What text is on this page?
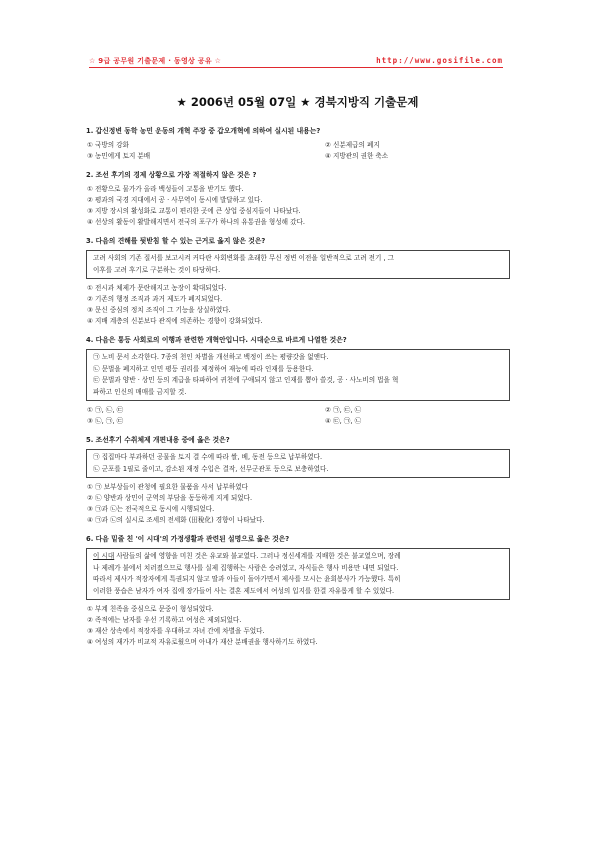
☆ 9급 공무원 기출문제 · 동영상 공유 ☆	http://www.gosifile.com
★ 2006년 05월 07일 ★ 경북지방직 기출문제
1. 갑신정변 동학 농민 운동의 개혁 주장 중 갑오개혁에 의하여 실시된 내용는?
① 국방의 강화	② 신분제급의 폐지
③ 농민에게 토지 분배	④ 지방관의 권한 축소
2. 조선 후기의 경제 상황으로 가장 적절하지 않은 것은 ?
① 전황으로 물가가 올라 백성들이 고통을 받기도 했다.
② 평과의 국경 지대에서 공 · 사무역이 동시에 발달하고 있다.
③ 지방 장시의 활성화로 교통이 편리한 곳에 큰 상업 중심지들이 나타났다.
④ 선상의 활동이 활발해지면서 전국의 포구가 하나의 유통권을 형성해 갔다.
3. 다음의 견해를 뒷받침 할 수 있는 근거로 옳지 않은 것은?
고려 사회의 기존 질서를 보고시켜 커다란 사회변화를 초래한 무신 정변 이전을 일반적으로 고려 전기 , 그
이후를 고려 후기로 구분하는 것이 타당하다.
① 전시과 체제가 문란해지고 농장이 확대되었다.
② 기존의 행정 조직과 과거 제도가 폐지되었다.
③ 문신 중심의 정치 조직이 그 기능을 상실하였다.
④ 지배 계층의 신분보다 관직에 의존하는 경향이 강화되었다.
4. 다음은 통등 사회로의 이행과 관련한 개혁안입니다. 시대순으로 바르게 나열한 것은?
㉠ 노비 문서 소각한다. 7종의 천인 차별을 개선하고 백정이 쓰는 평량갓을 없앤다.
㉡ 문벌을 폐지하고 인민 평등 권리를 제정하여 재능에 따라 인재를 등용한다.
㉢ 문벌과 양반 · 상민 등의 계급을 타파하여 귀천에 구애되지 않고 인재를 뽑아 쓸것, 공 · 사노비의 법을 혁
파하고 인신의 매매를 금지할 것.
① ㉠, ㉡, ㉢	② ㉠, ㉢, ㉡
③ ㉡, ㉠, ㉢	④ ㉢, ㉠, ㉡
5. 조선후기 수취체제 개편내용 중에 옳은 것은?
㉠ 집집마다 부과하던 공물을 토지 결 수에 따라 쌀, 베, 동전 등으로 납부하였다.
㉡ 군포를 1필로 줄이고, 감소된 재정 수입은 결작, 선무군관포 등으로 보충하였다.
① ㉠ 보부상들이 관청에 필요한 물품을 사서 납부하였다
② ㉡ 양반과 상민이 군역의 부담을 동등하게 지게 되었다.
③ ㉠과 ㉡는 전국적으로 동시에 시행되었다.
④ ㉠과 ㉡의 실시로 조세의 전세화 (田稅化) 경향이 나타났다.
6. 다음 밑줄 친 '이 시대'의 가정생활과 관련된 설명으로 옳은 것은?
이 시대 사람들의 삶에 영향을 미친 것은 유교와 불교였다. 그러나 정신세계를 지배한 것은 불교였으며, 장례
나 제례가 불에서 치러졌으므로 행사를 실제 집행하는 사람은 승려였고, 자식들은 행사 비용만 내면 되었다.
따라서 제사가 적장자에게 특권되지 않고 딸과 아들이 돌아가면서 제사를 모시는 윤회봉사가 가능했다. 특히
이러한 풍습은 남자가 여자 집에 장가들어 사는 결혼 제도에서 여성의 입지를 한결 자유롭게 할 수 있었다.
① 부계 친족을 중심으로 문중이 형성되었다.
② 족적에는 남자를 우선 기록하고 여성은 제외되었다.
③ 재산 상속에서 적장자를 우대하고 자녀 간에 차별을 두었다.
④ 여성의 재가가 비교적 자유로웠으며 아내가 재산 분배권을 행사하기도 하였다.
